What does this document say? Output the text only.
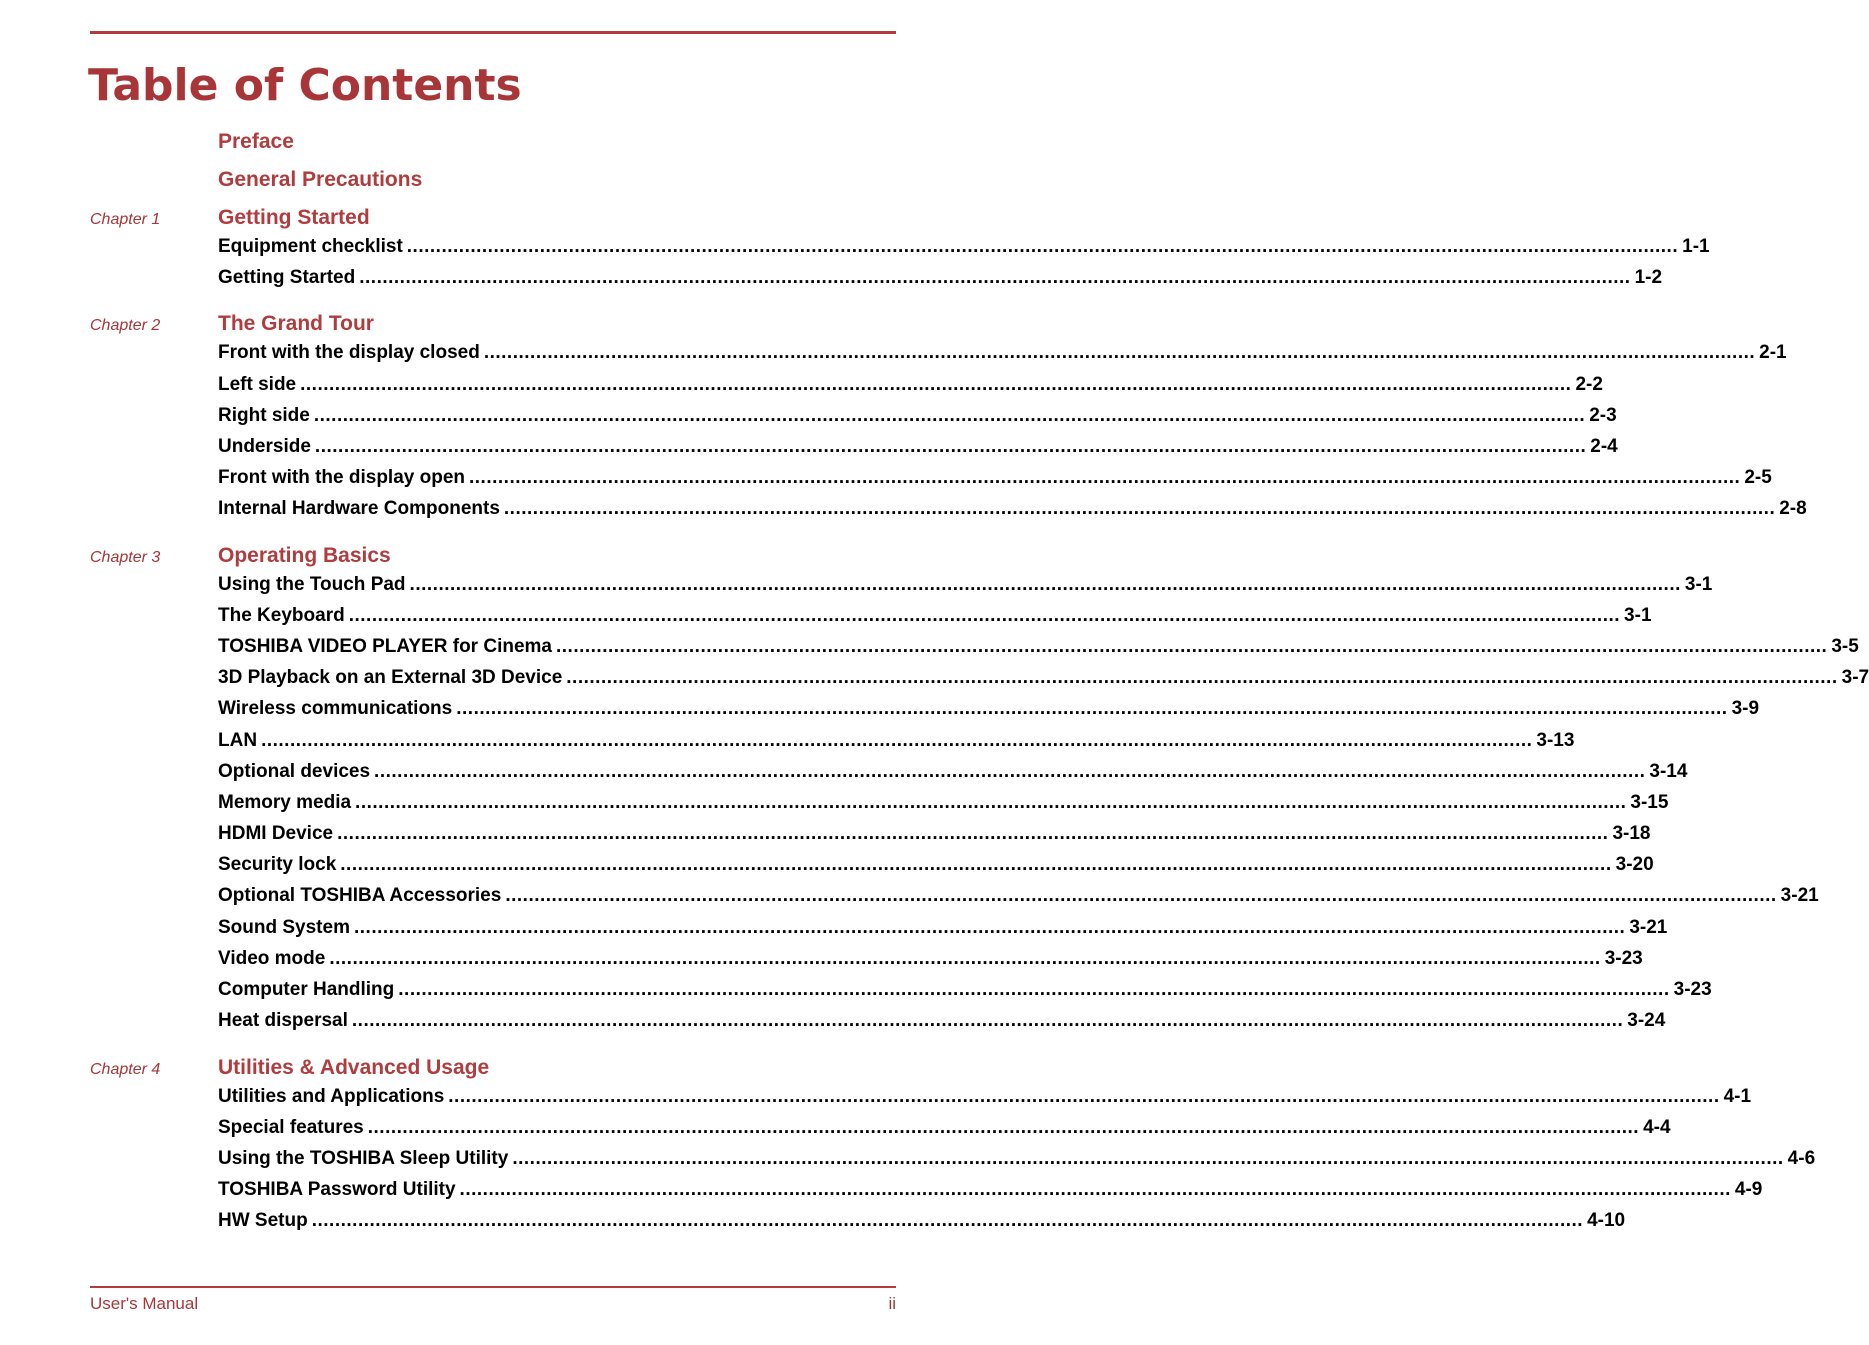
Table of Contents
Preface
General Precautions
Chapter 1	Getting Started
Equipment checklist ............................................................................................................................................................................................................................ 1-1
Getting Started ............................................................................................................................................................................................................................ 1-2
Chapter 2	The Grand Tour
Front with the display closed ............................................................................................................................................................................................................................ 2-1
Left side ............................................................................................................................................................................................................................ 2-2
Right side ............................................................................................................................................................................................................................ 2-3
Underside ............................................................................................................................................................................................................................ 2-4
Front with the display open ............................................................................................................................................................................................................................ 2-5
Internal Hardware Components ............................................................................................................................................................................................................................ 2-8
Chapter 3	Operating Basics
Using the Touch Pad ............................................................................................................................................................................................................................ 3-1
The Keyboard ............................................................................................................................................................................................................................ 3-1
TOSHIBA VIDEO PLAYER for Cinema ............................................................................................................................................................................................................................ 3-5
3D Playback on an External 3D Device ............................................................................................................................................................................................................................ 3-7
Wireless communications ............................................................................................................................................................................................................................ 3-9
LAN ............................................................................................................................................................................................................................ 3-13
Optional devices ............................................................................................................................................................................................................................ 3-14
Memory media ............................................................................................................................................................................................................................ 3-15
HDMI Device ............................................................................................................................................................................................................................ 3-18
Security lock ............................................................................................................................................................................................................................ 3-20
Optional TOSHIBA Accessories ............................................................................................................................................................................................................................ 3-21
Sound System ............................................................................................................................................................................................................................ 3-21
Video mode ............................................................................................................................................................................................................................ 3-23
Computer Handling ............................................................................................................................................................................................................................ 3-23
Heat dispersal ............................................................................................................................................................................................................................ 3-24
Chapter 4	Utilities & Advanced Usage
Utilities and Applications ............................................................................................................................................................................................................................ 4-1
Special features ............................................................................................................................................................................................................................ 4-4
Using the TOSHIBA Sleep Utility ............................................................................................................................................................................................................................ 4-6
TOSHIBA Password Utility ............................................................................................................................................................................................................................ 4-9
HW Setup ............................................................................................................................................................................................................................ 4-10
User's Manual	ii
